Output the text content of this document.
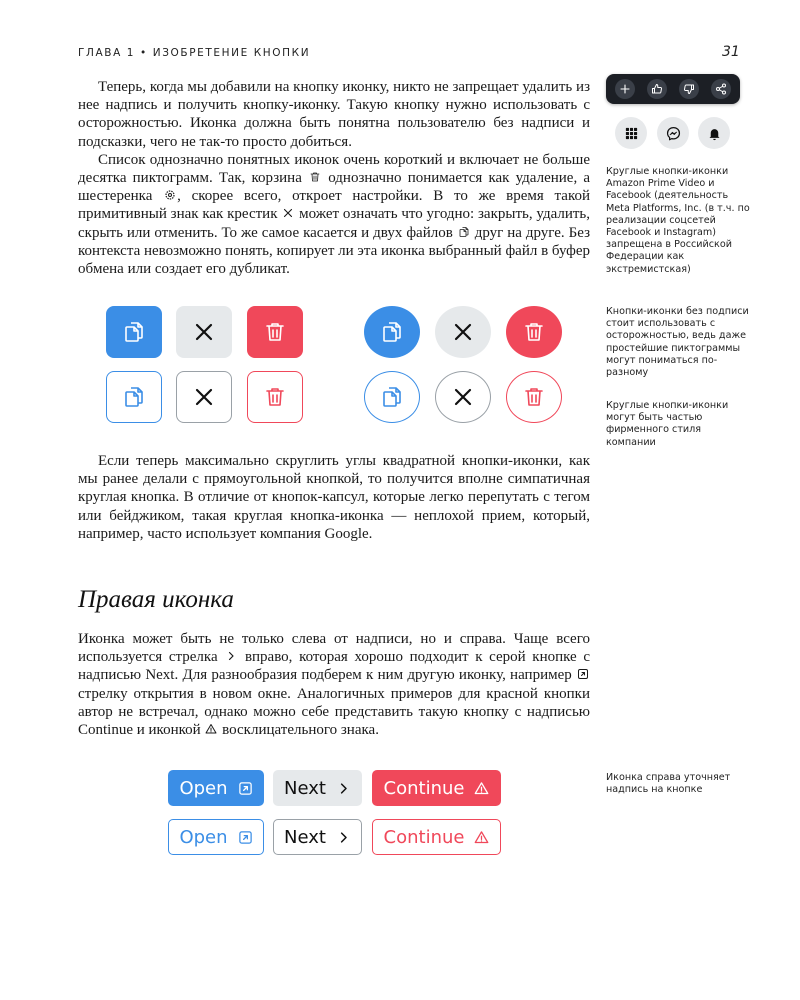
ГЛАВА 1 • ИЗОБРЕТЕНИЕ КНОПКИ	31

Теперь, когда мы добавили на кнопку иконку, никто не запрещает удалить из нее надпись и получить кнопку-иконку. Такую кнопку нужно использовать с осторожностью. Иконка должна быть понятна пользователю без надписи и подсказки, чего не так-то просто добиться.

Список однозначно понятных иконок очень короткий и включает не больше десятка пиктограмм. Так, корзина однозначно понимается как удаление, а шестеренка , скорее всего, откроет настройки. В то же время такой примитивный знак как крестик может означать что угодно: закрыть, удалить, скрыть или отменить. То же самое касается и двух файлов друг на друге. Без контекста невозможно понять, копирует ли эта иконка выбранный файл в буфер обмена или создает его дубликат.

Если теперь максимально скруглить углы квадратной кнопки-иконки, как мы ранее делали с прямоугольной кнопкой, то получится вполне симпатичная круглая кнопка. В отличие от кнопок-капсул, которые легко перепутать с тегом или бейджиком, такая круглая кнопка-иконка — неплохой прием, который, например, часто использует компания Google.

Правая иконка

Иконка может быть не только слева от надписи, но и справа. Чаще всего используется стрелка вправо, которая хорошо подходит к серой кнопке с надписью Next. Для разнообразия подберем к ним другую иконку, например  стрелку открытия в новом окне. Аналогичных примеров для красной кнопки автор не встречал, однако можно себе представить такую кнопку с надписью Continue и иконкой восклицательного знака.

Open	Next	Continue
Open	Next	Continue

Круглые кнопки-иконки Amazon Prime Video и Facebook (деятельность Meta Platforms, Inc. (в т.ч. по реализации соцсетей Facebook и Instagram) запрещена в Российской Федерации как экстремистская)

Кнопки-иконки без подписи стоит использовать с осторожностью, ведь даже простейшие пиктограммы могут пониматься по-разному

Круглые кнопки-иконки могут быть частью фирменного стиля компании

Иконка справа уточняет надпись на кнопке
